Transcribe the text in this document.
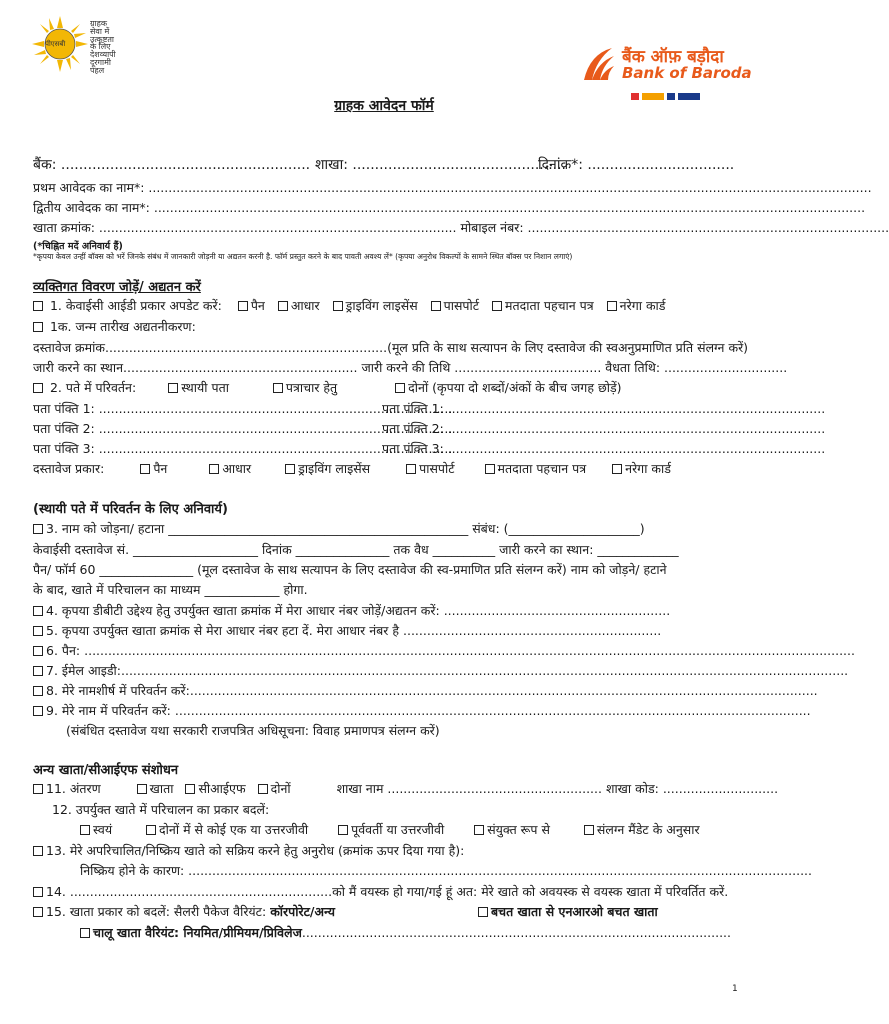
पीएसबी
ग्राहक
सेवा में
उत्कृष्टता
के लिए
देशव्यापी
दूरगामी
पहल
बैंक ऑफ़ बड़ौदा
Bank of Baroda
ग्राहक आवेदन फॉर्म
बैंक: ........................................................ शाखा: ................................................
दिनांक*: .................................
प्रथम आवेदक का नाम*: ......................................................................................................................................................................................
द्वितीय आवेदक का नाम*: ...................................................................................................................................................................................
खाता क्रमांक: .......................................................................................... मोबाइल नंबर: ...........................................................................................
(*चिह्नित मदें अनिवार्य हैं)
*कृपया केवल उन्हीं बॉक्स को भरें जिनके संबंध में जानकारी जोड़नी या अद्यतन करनी है. फॉर्म प्रस्तुत करने के बाद पावती अवश्य लें* (कृपया अनुरोध विकल्पों के सामने स्थित बॉक्स पर निशान लगाएं)
व्यक्तिगत विवरण जोड़ें/ अद्यतन करें
1. केवाईसी आईडी प्रकार अपडेट करें: पैन आधार ड्राइविंग लाइसेंस पासपोर्ट मतदाता पहचान पत्र नरेगा कार्ड
1क. जन्म तारीख अद्यतनीकरण:
दस्तावेज क्रमांक.......................................................................(मूल प्रति के साथ सत्यापन के लिए दस्तावेज की स्वअनुप्रमाणित प्रति संलग्न करें)
जारी करने का स्थान........................................................... जारी करने की तिथि ..................................... वैधता तिथि: ...............................
2. पते में परिवर्तन:	स्थायी पता	पत्राचार हेतु	दोनों (कृपया दो शब्दों/अंकों के बीच जगह छोड़ें)
पता पंक्ति 1: .........................................................................................
पता पंक्ति 1: ...............................................................................................
पता पंक्ति 2: .........................................................................................
पता पंक्ति 2: ...............................................................................................
पता पंक्ति 3: .........................................................................................
पता पंक्ति 3: ...............................................................................................
दस्तावेज प्रकार:	पैन	आधार	ड्राइविंग लाइसेंस	पासपोर्ट	मतदाता पहचान पत्र	नरेगा कार्ड
(स्थायी पते में परिवर्तन के लिए अनिवार्य)
3. नाम को जोड़ना/ हटाना ________________________________________________ संबंध: (_____________________)
केवाईसी दस्तावेज सं. ____________________ दिनांक _______________ तक वैध __________ जारी करने का स्थान: _____________
पैन/ फॉर्म 60 _______________ (मूल दस्तावेज के साथ सत्यापन के लिए दस्तावेज की स्व-प्रमाणित प्रति संलग्न करें) नाम को जोड़ने/ हटाने
के बाद, खाते में परिचालन का माध्यम ____________ होगा.
4. कृपया डीबीटी उद्देश्य हेतु उपर्युक्त खाता क्रमांक में मेरा आधार नंबर जोड़ें/अद्यतन करें: .........................................................
5. कृपया उपर्युक्त खाता क्रमांक से मेरा आधार नंबर हटा दें. मेरा आधार नंबर है .................................................................
6. पैन: ..................................................................................................................................................................................................
7. ईमेल आइडी:.......................................................................................................................................................................................
8. मेरे नामशीर्ष में परिवर्तन करें:..............................................................................................................................................................
9. मेरे नाम में परिवर्तन करें: ................................................................................................................................................................
(संबंधित दस्तावेज यथा सरकारी राजपत्रित अधिसूचना: विवाह प्रमाणपत्र संलग्न करें)
अन्य खाता/सीआईएफ संशोधन
11. अंतरण	खाता सीआईएफ दोनों	शाखा नाम ...................................................... शाखा कोड: .............................
12. उपर्युक्त खाते में परिचालन का प्रकार बदलें:
स्वयं	दोनों में से कोई एक या उत्तरजीवी	पूर्ववर्ती या उत्तरजीवी	संयुक्त रूप से	संलग्न मैंडेट के अनुसार
13. मेरे अपरिचालित/निष्क्रिय खाते को सक्रिय करने हेतु अनुरोध (क्रमांक ऊपर दिया गया है):
निष्क्रिय होने के कारण: .............................................................................................................................................................
14. ..................................................................को मैं वयस्क हो गया/गई हूं अत: मेरे खाते को अवयस्क से वयस्क खाता में परिवर्तित करें.
15. खाता प्रकार को बदलें: सैलरी पैकेज वैरियंट: कॉरपोरेट/अन्य	बचत खाता से एनआरओ बचत खाता
चालू खाता वैरियंट: नियमित/प्रीमियम/प्रिविलेज............................................................................................................
1
